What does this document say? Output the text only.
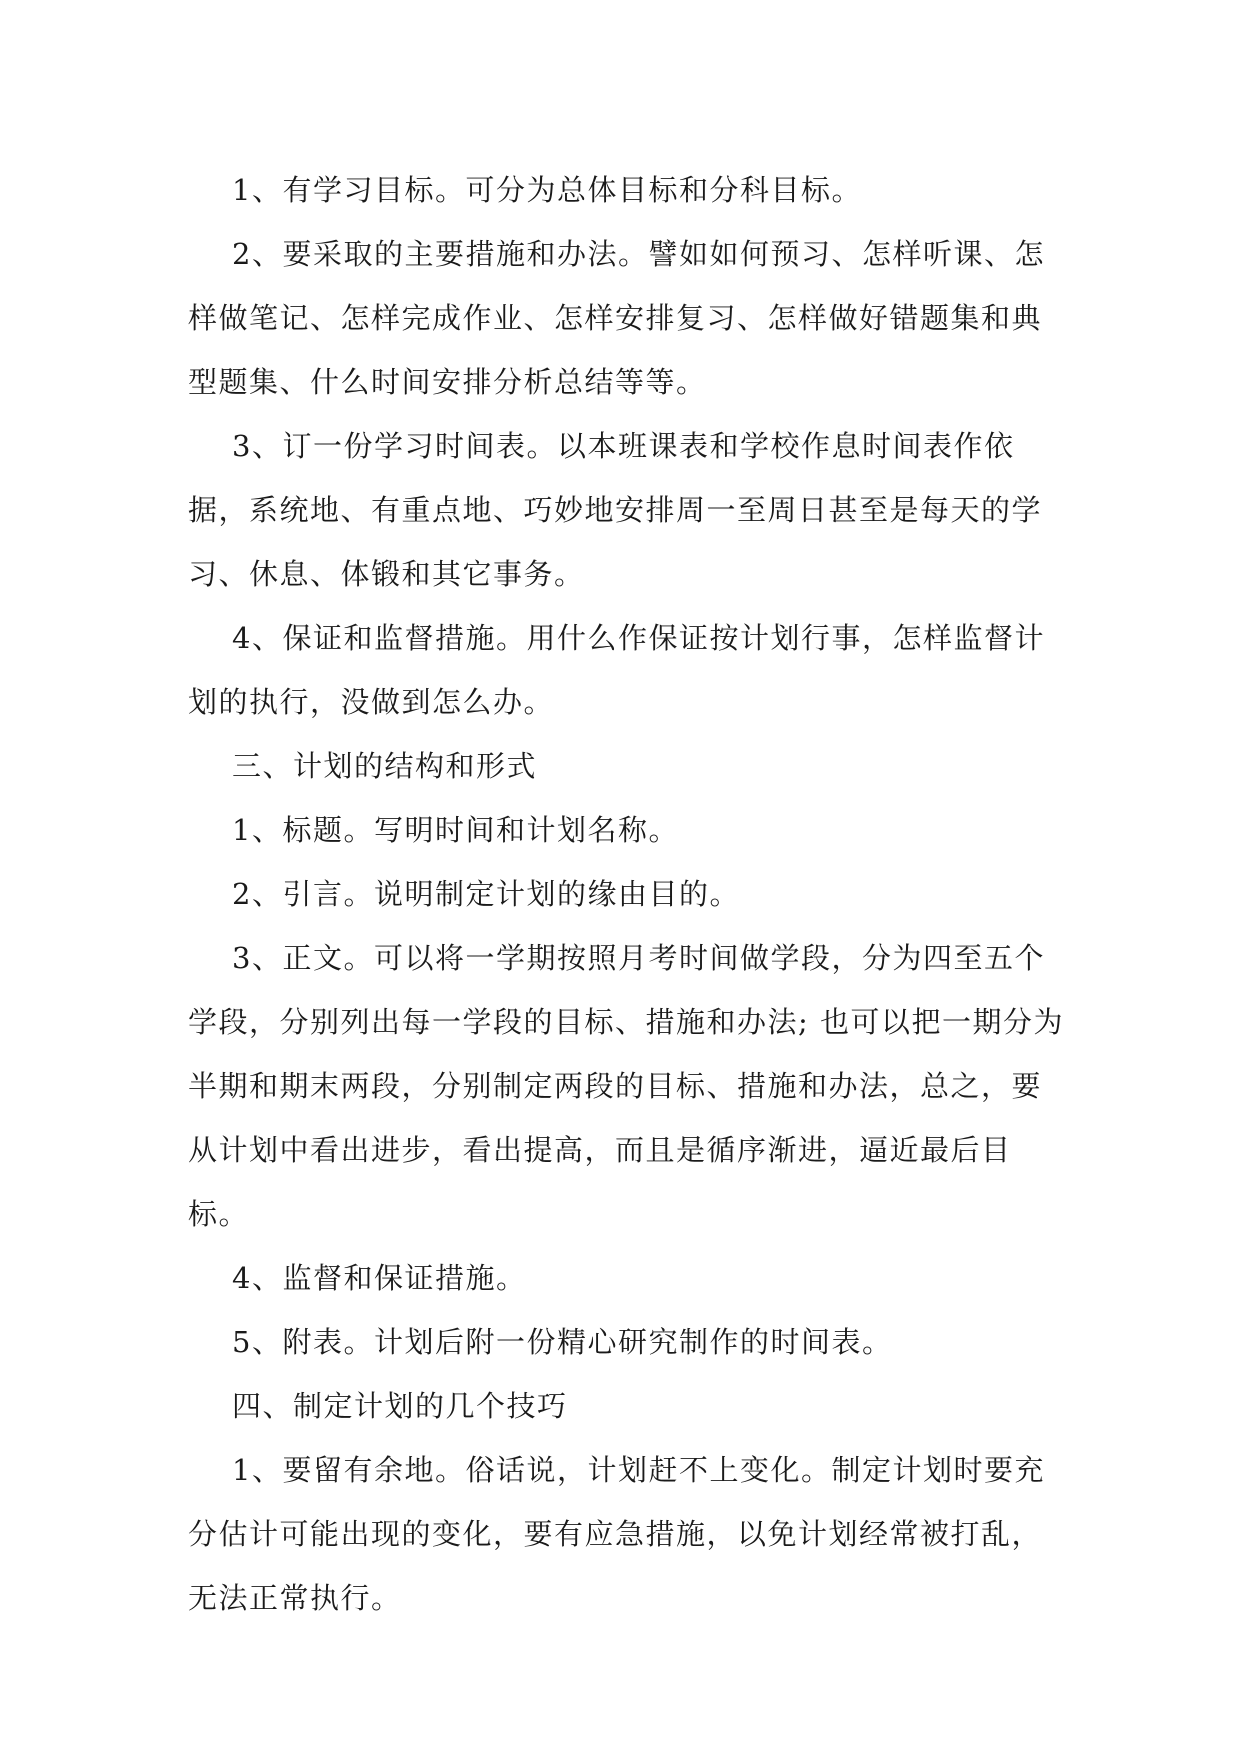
1、有学习目标。可分为总体目标和分科目标。

2、要采取的主要措施和办法。譬如如何预习、怎样听课、怎样做笔记、怎样完成作业、怎样安排复习、怎样做好错题集和典型题集、什么时间安排分析总结等等。

3、订一份学习时间表。以本班课表和学校作息时间表作依据，系统地、有重点地、巧妙地安排周一至周日甚至是每天的学习、休息、体锻和其它事务。

4、保证和监督措施。用什么作保证按计划行事，怎样监督计划的执行，没做到怎么办。

三、计划的结构和形式

1、标题。写明时间和计划名称。

2、引言。说明制定计划的缘由目的。

3、正文。可以将一学期按照月考时间做学段，分为四至五个学段，分别列出每一学段的目标、措施和办法; 也可以把一期分为半期和期末两段，分别制定两段的目标、措施和办法，总之，要从计划中看出进步，看出提高，而且是循序渐进，逼近最后目标。

4、监督和保证措施。

5、附表。计划后附一份精心研究制作的时间表。

四、制定计划的几个技巧

1、要留有余地。俗话说，计划赶不上变化。制定计划时要充分估计可能出现的变化，要有应急措施，以免计划经常被打乱，无法正常执行。
